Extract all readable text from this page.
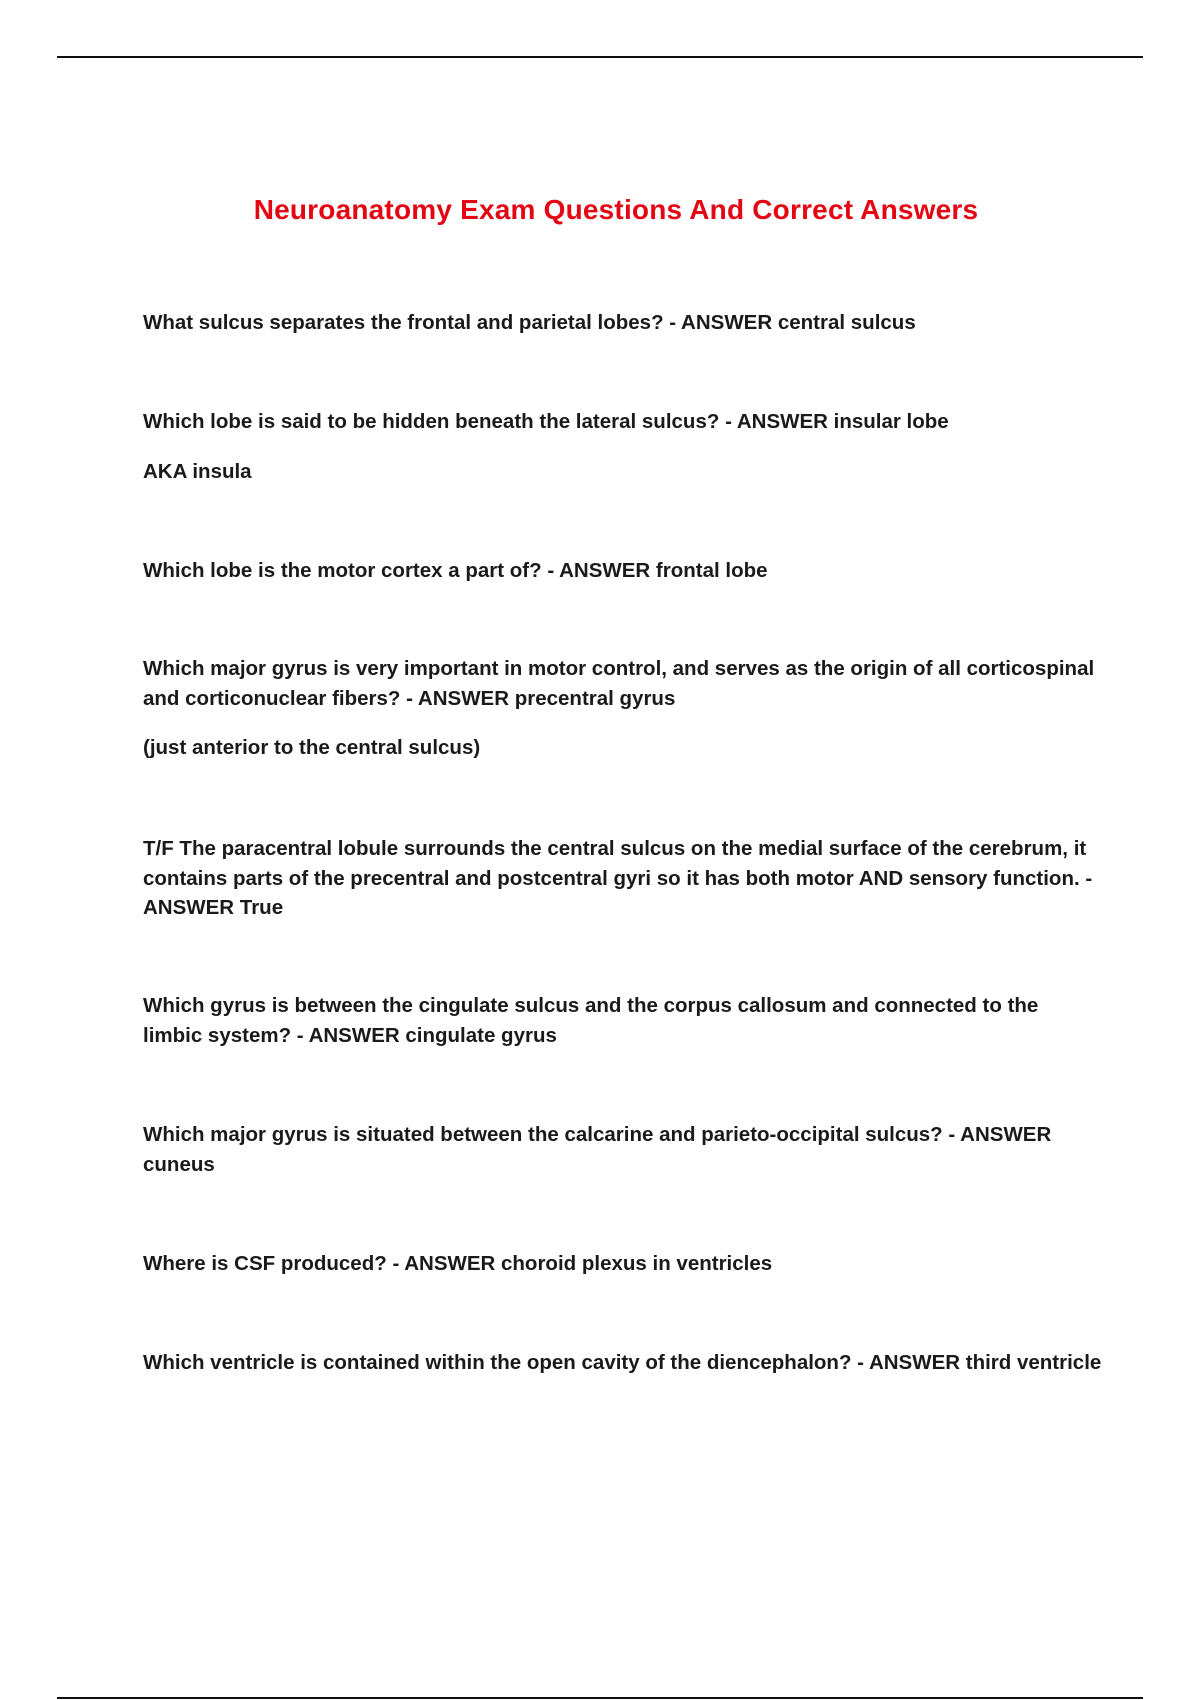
Neuroanatomy Exam Questions And Correct Answers

What sulcus separates the frontal and parietal lobes? - ANSWER central sulcus

Which lobe is said to be hidden beneath the lateral sulcus? - ANSWER insular lobe

AKA insula

Which lobe is the motor cortex a part of? - ANSWER frontal lobe

Which major gyrus is very important in motor control, and serves as the origin of all corticospinal and corticonuclear fibers? - ANSWER precentral gyrus

(just anterior to the central sulcus)

T/F The paracentral lobule surrounds the central sulcus on the medial surface of the cerebrum, it contains parts of the precentral and postcentral gyri so it has both motor AND sensory function. - ANSWER True

Which gyrus is between the cingulate sulcus and the corpus callosum and connected to the limbic system? - ANSWER cingulate gyrus

Which major gyrus is situated between the calcarine and parieto-occipital sulcus? - ANSWER cuneus

Where is CSF produced? - ANSWER choroid plexus in ventricles

Which ventricle is contained within the open cavity of the diencephalon? - ANSWER third ventricle
